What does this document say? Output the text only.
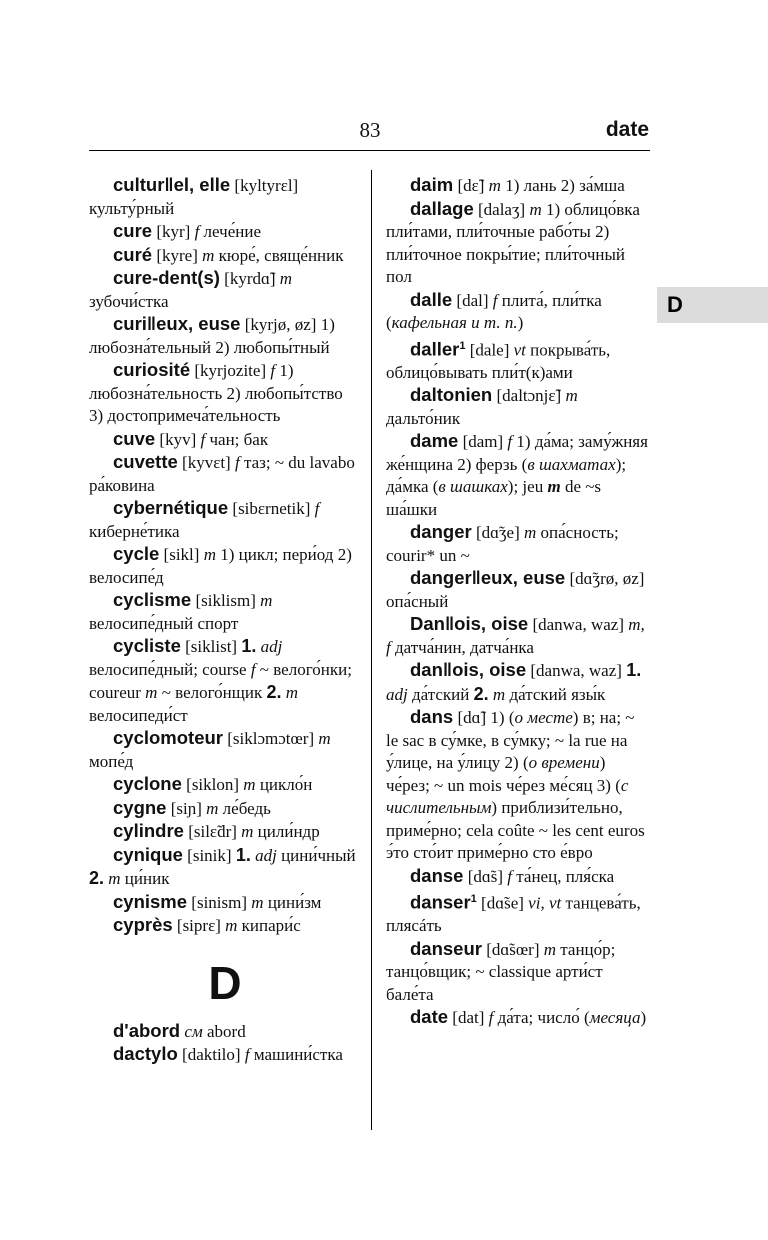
83	date
D

cultur‖el, elle [kyltyrɛl] культу́рный

cure [kyr] f лече́ние

curé [kyre] m кюре́, свяще́нник

cure-dent(s) [kyrdɑ̃] m зубочи́стка

curi‖eux, euse [kyrjø, øz] 1) любозна́тельный 2) любопы́тный

curiosité [kyrjozite] f 1) любозна́тельность 2) любопы́тство 3) достопримеча́тельность

cuve [kyv] f чан; бак

cuvette [kyvɛt] f таз; ~ du lavabo ра́ковина

cybernétique [sibɛrnetik] f киберне́тика

cycle [sikl] m 1) цикл; пери́од 2) велосипе́д

cyclisme [siklism] m велосипе́дный спорт

cycliste [siklist] 1. adj велосипе́дный; course f ~ велого́нки; coureur m ~ велого́нщик 2. m велосипеди́ст

cyclomoteur [siklɔmɔtœr] m мопе́д

cyclone [siklon] m цикло́н

cygne [siɲ] m ле́бедь

cylindre [silɛ̃dr] m цили́ндр

cynique [sinik] 1. adj цини́чный 2. m ци́ник

cynisme [sinism] m цини́зм

cyprès [siprɛ] m кипари́с

D

d'abord см abord

dactylo [daktilo] f машини́стка

daim [dɛ̃] m 1) лань 2) за́мша

dallage [dalaʒ] m 1) облицо́вка пли́тами, пли́точные рабо́ты 2) пли́точное покры́тие; пли́точный пол

dalle [dal] f плита́, пли́тка (кафельная и т. п.)

daller$^1$ [dale] vt покрыва́ть, облицо́вывать пли́т(к)ами

daltonien [daltɔnjɛ̃] m дальто́ник

dame [dam] f 1) да́ма; заму́жняя же́нщина 2) ферзь (в шахматах); да́мка (в шашках); jeu m de ~s ша́шки

danger [dɑ̃ʒe] m опа́сность; courir* un ~

danger‖eux, euse [dɑ̃ʒrø, øz] опа́сный

Dan‖ois, oise [danwa, waz] m, f датча́нин, датча́нка

dan‖ois, oise [danwa, waz] 1. adj да́тский 2. m да́тский язы́к

dans [dɑ̃] 1) (о месте) в; на; ~ le sac в су́мке, в су́мку; ~ la rue на у́лице, на у́лицу 2) (о времени) че́рез; ~ un mois че́рез ме́сяц 3) (с числительным) приблизи́тельно, приме́рно; cela coûte ~ les cent euros э́то сто́ит приме́рно сто е́вро

danse [dɑ̃s] f та́нец, пля́ска

danser$^1$ [dɑ̃se] vi, vt танцева́ть, плясáть

danseur [dɑ̃sœr] m танцо́р; танцо́вщик; ~ classique арти́ст бале́та

date [dat] f да́та; число́ (месяца)
